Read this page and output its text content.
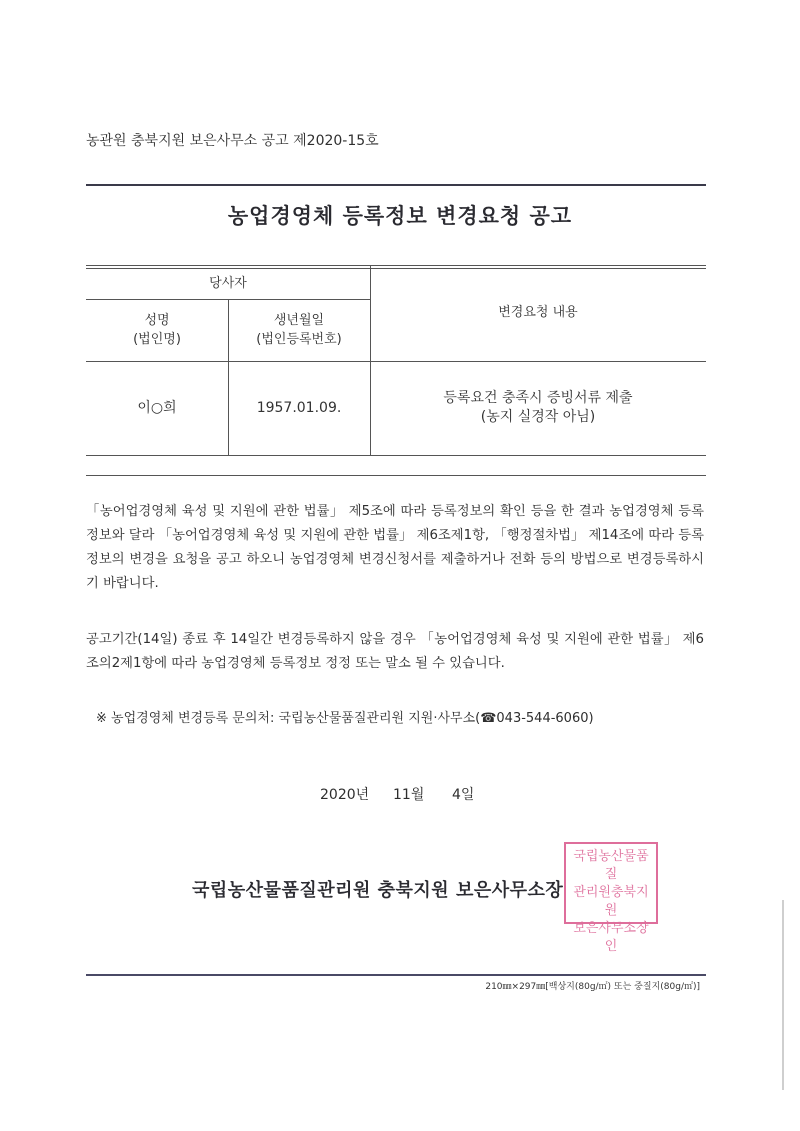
농관원 충북지원 보은사무소 공고 제2020-15호
농업경영체 등록정보 변경요청 공고
당사자
성명
(법인명)
생년월일
(법인등록번호)
변경요청 내용
이○희	1957.01.09.
등록요건 충족시 증빙서류 제출
(농지 실경작 아님)
「농어업경영체 육성 및 지원에 관한 법률」 제5조에 따라 등록정보의 확인 등을 한 결과 농업경영체 등록정보와 달라 「농어업경영체 육성 및 지원에 관한 법률」 제6조제1항, 「행정절차법」 제14조에 따라 등록정보의 변경을 요청을 공고 하오니 농업경영체 변경신청서를 제출하거나 전화 등의 방법으로 변경등록하시기 바랍니다.
공고기간(14일) 종료 후 14일간 변경등록하지 않을 경우 「농어업경영체 육성 및 지원에 관한 법률」 제6조의2제1항에 따라 농업경영체 등록정보 정정 또는 말소 될 수 있습니다.
※ 농업경영체 변경등록 문의처: 국립농산물품질관리원 지원·사무소(☎043-544-6060)
2020년 11월 4일
국립농산물품질관리원 충북지원 보은사무소장
국립농산물품질
관리원충북지원
보은사무소장인
210㎜×297㎜[백상지(80g/㎡) 또는 중질지(80g/㎡)]
